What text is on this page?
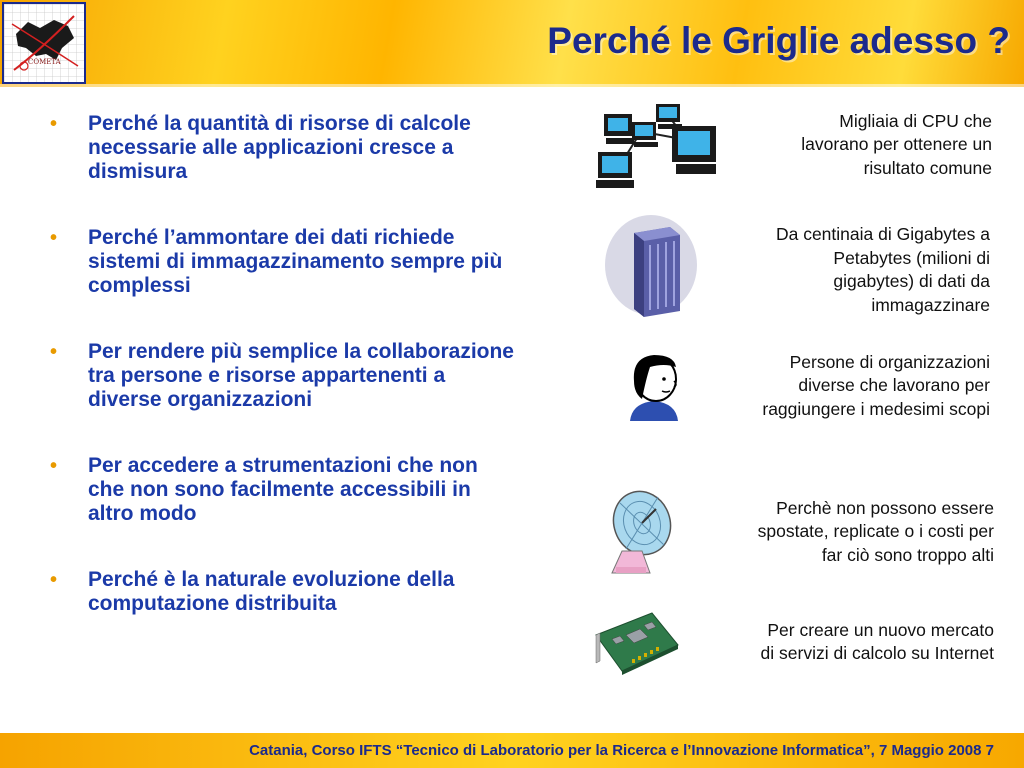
COMETA
Perché le Griglie adesso ?
• Perché la quantità di risorse di calcole necessarie alle applicazioni cresce a dismisura
• Perché l’ammontare dei dati richiede sistemi di immagazzinamento sempre più complessi
• Per rendere più semplice la collaborazione tra persone e risorse appartenenti a diverse organizzazioni
• Per accedere a strumentazioni che non che non sono facilmente accessibili in altro modo
• Perché è la naturale evoluzione della computazione distribuita
Migliaia di CPU che
lavorano per ottenere un
risultato comune
Da centinaia di Gigabytes a
Petabytes (milioni di
gigabytes) di dati da
immagazzinare
Persone di organizzazioni
diverse che lavorano per
raggiungere i medesimi scopi
Perchè non possono essere
spostate, replicate o i costi per
far ciò sono troppo alti
Per creare un nuovo mercato
di servizi di calcolo su Internet
Catania, Corso IFTS “Tecnico di Laboratorio per la Ricerca e l’Innovazione Informatica”, 7 Maggio 2008 7
